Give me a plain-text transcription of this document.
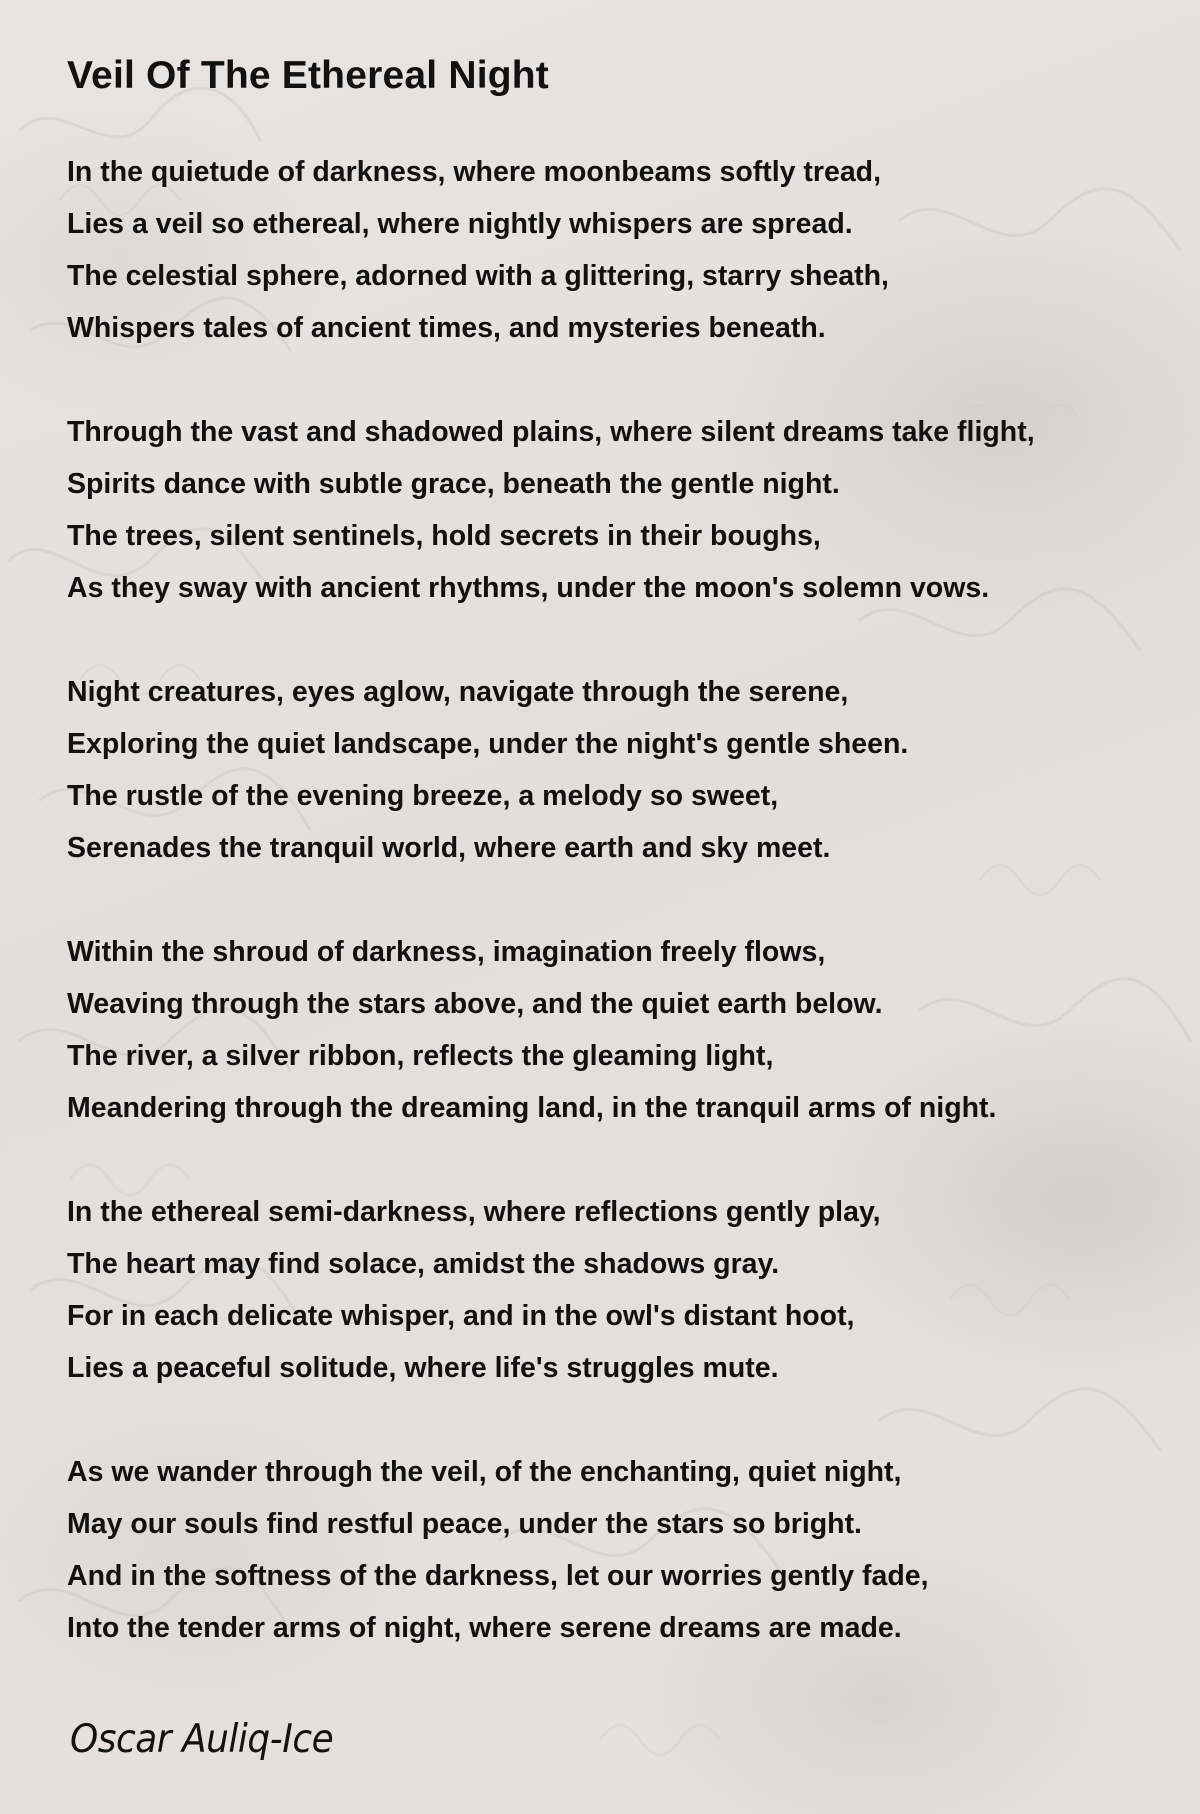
Veil Of The Ethereal Night
In the quietude of darkness, where moonbeams softly tread,
Lies a veil so ethereal, where nightly whispers are spread.
The celestial sphere, adorned with a glittering, starry sheath,
Whispers tales of ancient times, and mysteries beneath.
Through the vast and shadowed plains, where silent dreams take flight,
Spirits dance with subtle grace, beneath the gentle night.
The trees, silent sentinels, hold secrets in their boughs,
As they sway with ancient rhythms, under the moon's solemn vows.
Night creatures, eyes aglow, navigate through the serene,
Exploring the quiet landscape, under the night's gentle sheen.
The rustle of the evening breeze, a melody so sweet,
Serenades the tranquil world, where earth and sky meet.
Within the shroud of darkness, imagination freely flows,
Weaving through the stars above, and the quiet earth below.
The river, a silver ribbon, reflects the gleaming light,
Meandering through the dreaming land, in the tranquil arms of night.
In the ethereal semi-darkness, where reflections gently play,
The heart may find solace, amidst the shadows gray.
For in each delicate whisper, and in the owl's distant hoot,
Lies a peaceful solitude, where life's struggles mute.
As we wander through the veil, of the enchanting, quiet night,
May our souls find restful peace, under the stars so bright.
And in the softness of the darkness, let our worries gently fade,
Into the tender arms of night, where serene dreams are made.
Oscar Auliq-Ice
